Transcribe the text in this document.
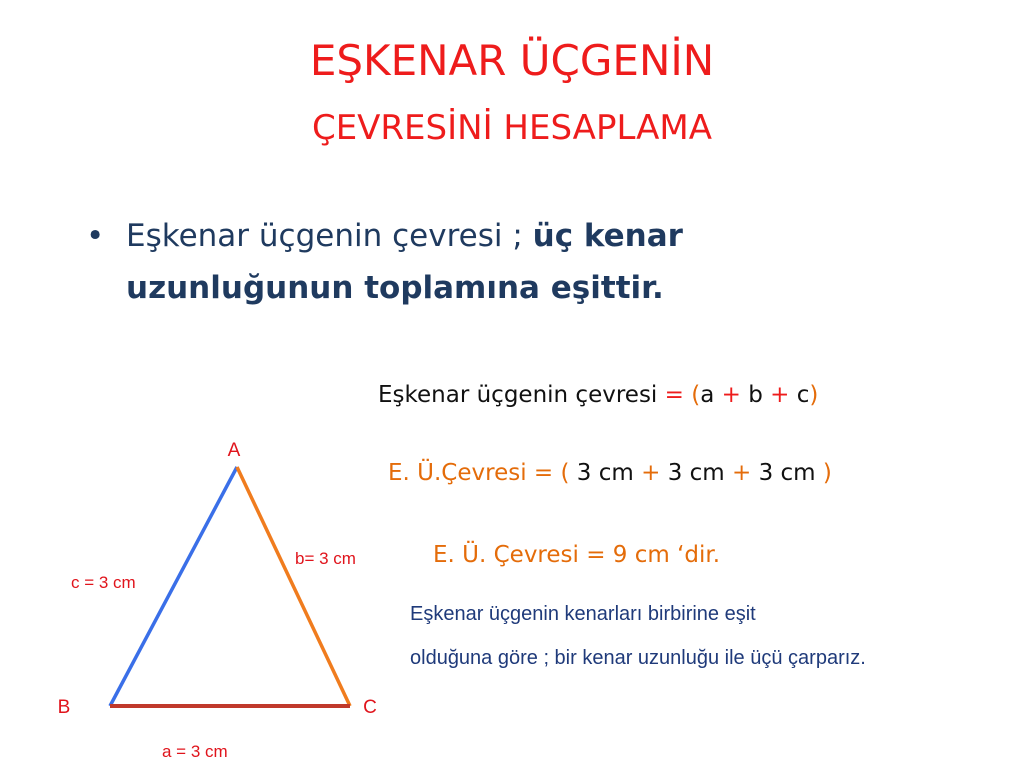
EŞKENAR ÜÇGENİN
ÇEVRESİNİ HESAPLAMA
• Eşkenar üçgenin çevresi ; üç kenar uzunluğunun toplamına eşittir.
Eşkenar üçgenin çevresi = (a + b + c)
E. Ü.Çevresi = ( 3 cm + 3 cm + 3 cm )
E. Ü. Çevresi = 9 cm ‘dir.
Eşkenar üçgenin kenarları birbirine eşit
olduğuna göre ; bir kenar uzunluğu ile üçü çarparız.
A
B	C
c = 3 cm
b= 3 cm
a = 3 cm
